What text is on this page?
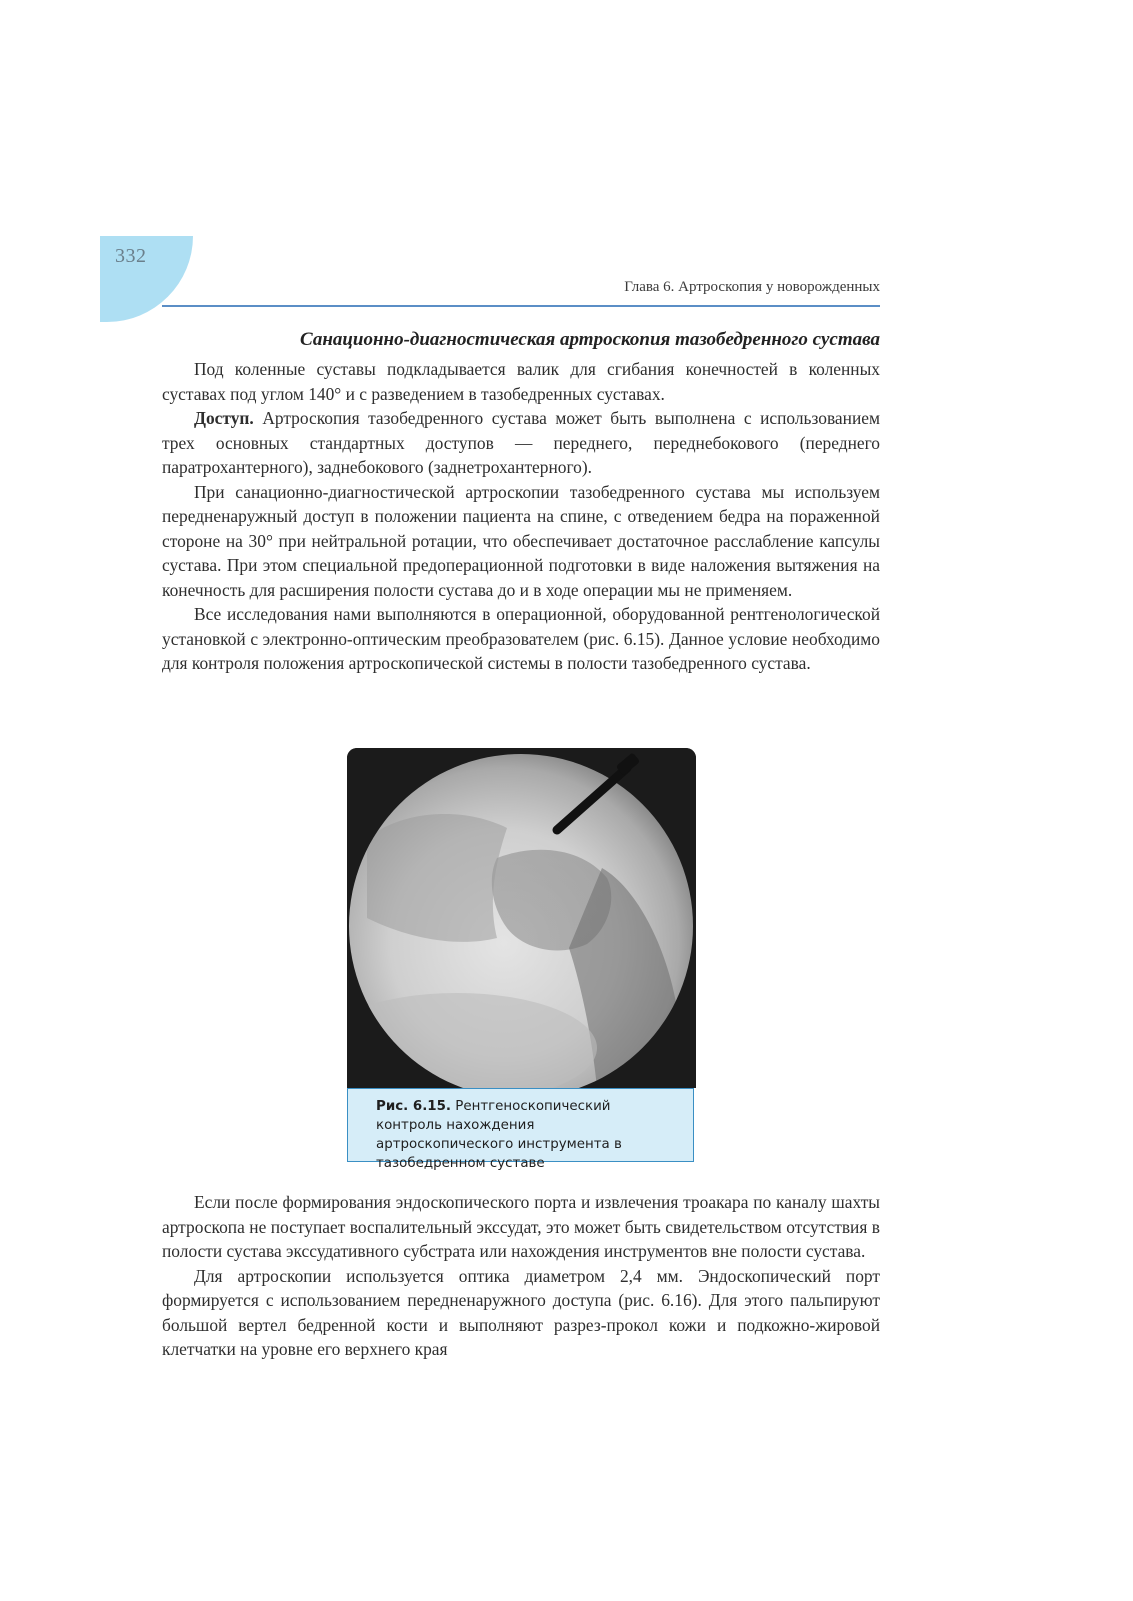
332
Глава 6. Артроскопия у новорожденных
Санационно-диагностическая артроскопия тазобедренного сустава

Под коленные суставы подкладывается валик для сгибания конечностей в коленных суставах под углом 140° и с разведением в тазобедренных суставах.

Доступ. Артроскопия тазобедренного сустава может быть выполнена с использованием трех основных стандартных доступов — переднего, переднебокового (переднего паратрохантерного), заднебокового (заднетрохантерного).

При санационно-диагностической артроскопии тазобедренного сустава мы используем передненаружный доступ в положении пациента на спине, с отведением бедра на пораженной стороне на 30° при нейтральной ротации, что обеспечивает достаточное расслабление капсулы сустава. При этом специальной предоперационной подготовки в виде наложения вытяжения на конечность для расширения полости сустава до и в ходе операции мы не применяем.

Все исследования нами выполняются в операционной, оборудованной рентгенологической установкой с электронно-оптическим преобразователем (рис. 6.15). Данное условие необходимо для контроля положения артроскопической системы в полости тазобедренного сустава.

Рис. 6.15. Рентгеноскопический контроль нахождения артроскопического инструмента в тазобедренном суставе

Если после формирования эндоскопического порта и извлечения троакара по каналу шахты артроскопа не поступает воспалительный экссудат, это может быть свидетельством отсутствия в полости сустава экссудативного субстрата или нахождения инструментов вне полости сустава.

Для артроскопии используется оптика диаметром 2,4 мм. Эндоскопический порт формируется с использованием передненаружного доступа (рис. 6.16). Для этого пальпируют большой вертел бедренной кости и выполняют разрез-прокол кожи и подкожно-жировой клетчатки на уровне его верхнего края
